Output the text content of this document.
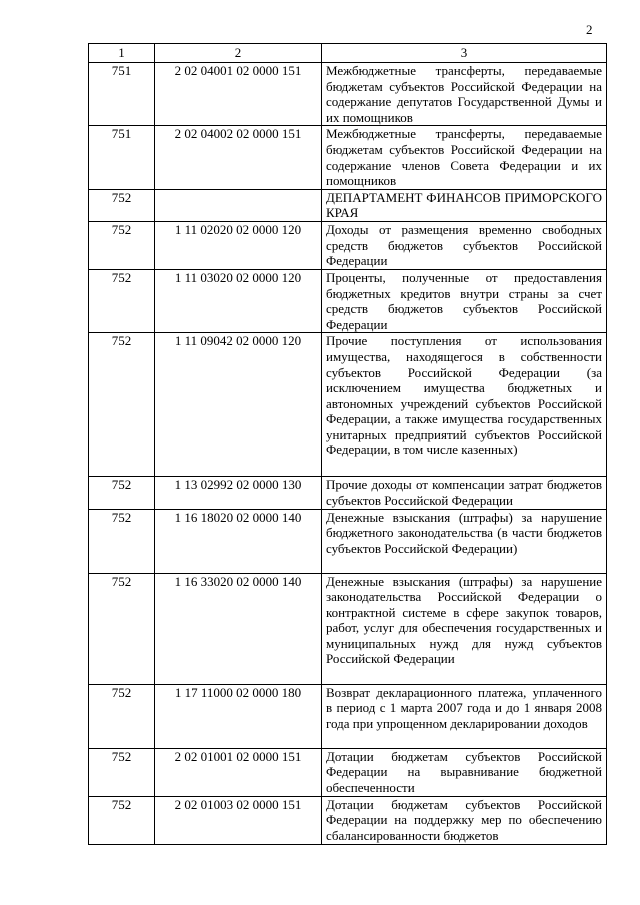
2
1	2	3
751	2 02 04001 02 0000 151	Межбюджетные трансферты, передаваемые бюджетам субъектов Российской Федерации на содержание депутатов Государственной Думы и их помощников
751	2 02 04002 02 0000 151	Межбюджетные трансферты, передаваемые бюджетам субъектов Российской Федерации на содержание членов Совета Федерации и их помощников
752		ДЕПАРТАМЕНТ ФИНАНСОВ ПРИМОРСКОГО КРАЯ
752	1 11 02020 02 0000 120	Доходы от размещения временно свободных средств бюджетов субъектов Российской Федерации
752	1 11 03020 02 0000 120	Проценты, полученные от предоставления бюджетных кредитов внутри страны за счет средств бюджетов субъектов Российской Федерации
752	1 11 09042 02 0000 120	Прочие поступления от использования имущества, находящегося в собственности субъектов Российской Федерации (за исключением имущества бюджетных и автономных учреждений субъектов Российской Федерации, а также имущества государственных унитарных предприятий субъектов Российской Федерации, в том числе казенных)
752	1 13 02992 02 0000 130	Прочие доходы от компенсации затрат бюджетов субъектов Российской Федерации
752	1 16 18020 02 0000 140	Денежные взыскания (штрафы) за нарушение бюджетного законодательства (в части бюджетов субъектов Российской Федерации)
752	1 16 33020 02 0000 140	Денежные взыскания (штрафы) за нарушение законодательства Российской Федерации о контрактной системе в сфере закупок товаров, работ, услуг для обеспечения государственных и муниципальных нужд для нужд субъектов Российской Федерации
752	1 17 11000 02 0000 180	Возврат декларационного платежа, уплаченного в период с 1 марта 2007 года и до 1 января 2008 года при упрощенном декларировании доходов
752	2 02 01001 02 0000 151	Дотации бюджетам субъектов Российской Федерации на выравнивание бюджетной обеспеченности
752	2 02 01003 02 0000 151	Дотации бюджетам субъектов Российской Федерации на поддержку мер по обеспечению сбалансированности бюджетов
